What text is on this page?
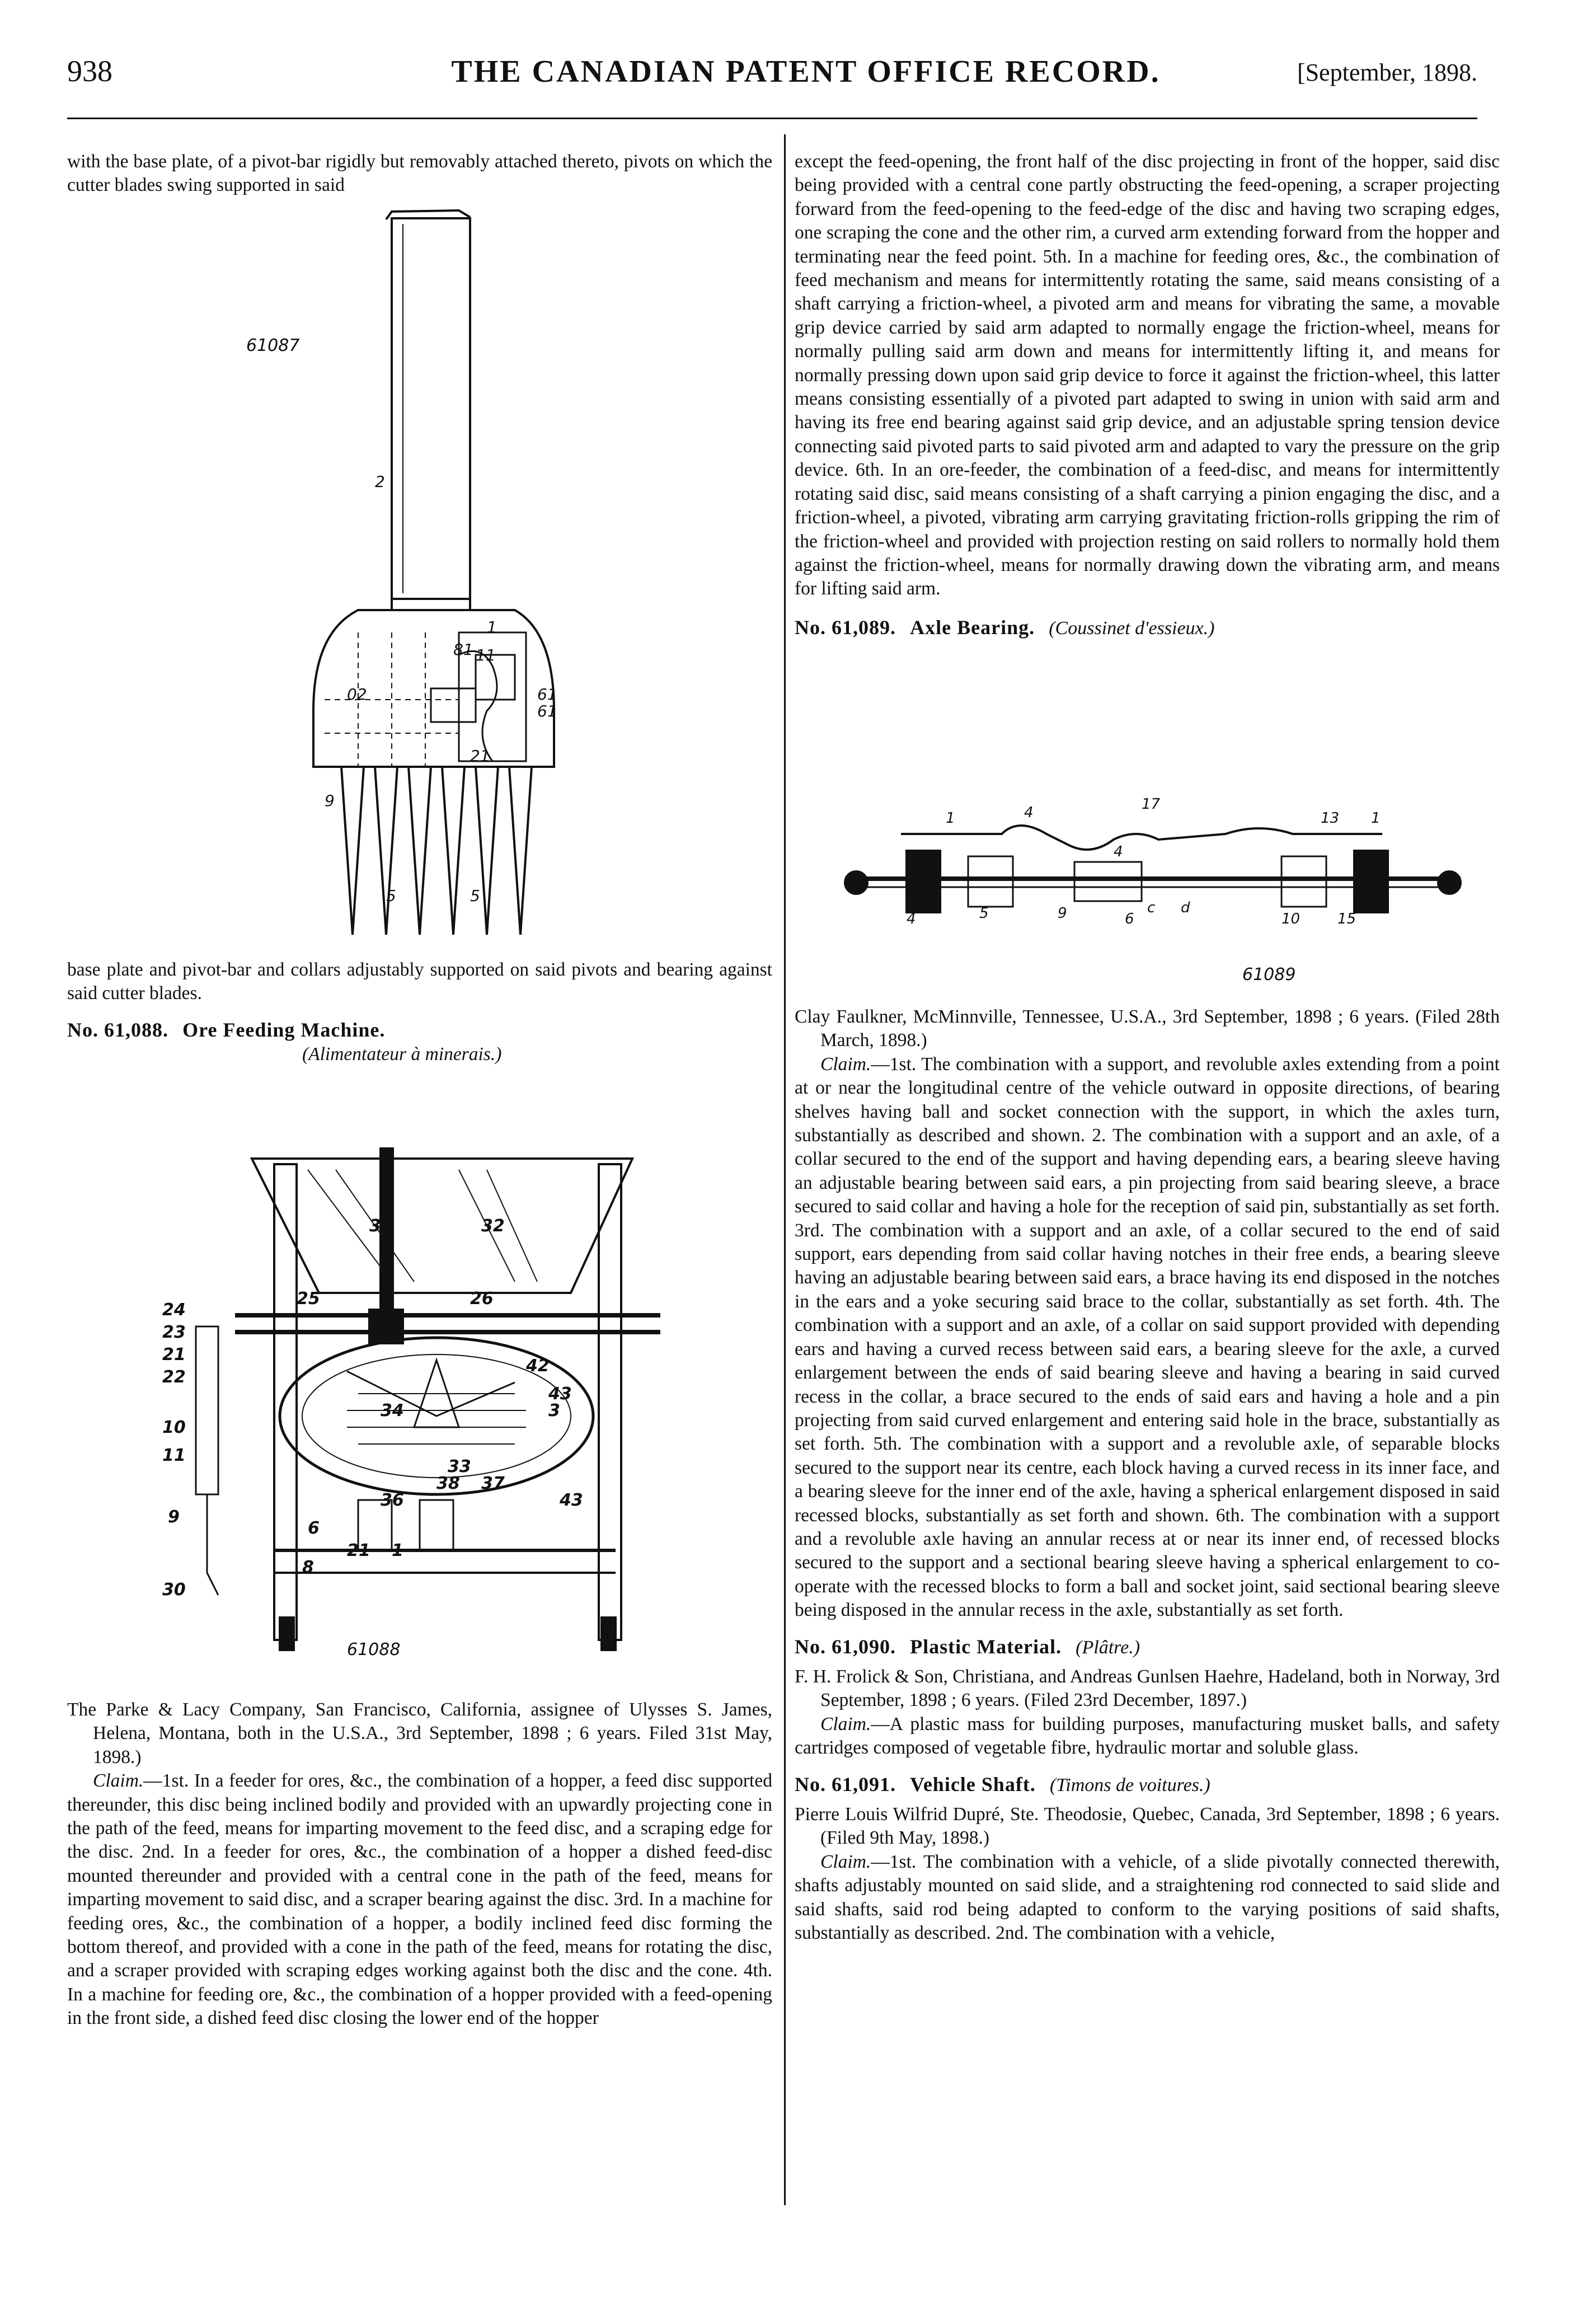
938	THE CANADIAN PATENT OFFICE RECORD.	[September, 1898.

with the base plate, of a pivot-bar rigidly but removably attached thereto, pivots on which the cutter blades swing supported in said

1
81 11
61
61
02
21
9
5	5
2
61087

base plate and pivot-bar and collars adjustably supported on said pivots and bearing against said cutter blades.

No. 61,088. Ore Feeding Machine.

(Alimentateur à minerais.)

37	32
25	26
24
23
21
22
10
11
9
30
42
43
3
34
33
38 37
36	43
6
21 1
8
61088

The Parke & Lacy Company, San Francisco, California, assignee of Ulysses S. James, Helena, Montana, both in the U.S.A., 3rd September, 1898 ; 6 years. Filed 31st May, 1898.)

Claim.—1st. In a feeder for ores, &c., the combination of a hopper, a feed disc supported thereunder, this disc being inclined bodily and provided with an upwardly projecting cone in the path of the feed, means for imparting movement to the feed disc, and a scraping edge for the disc. 2nd. In a feeder for ores, &c., the combination of a hopper a dished feed-disc mounted thereunder and provided with a central cone in the path of the feed, means for imparting movement to said disc, and a scraper bearing against the disc. 3rd. In a machine for feeding ores, &c., the combination of a hopper, a bodily inclined feed disc forming the bottom thereof, and provided with a cone in the path of the feed, means for rotating the disc, and a scraper provided with scraping edges working against both the disc and the cone. 4th. In a machine for feeding ore, &c., the combination of a hopper provided with a feed-opening in the front side, a dished feed disc closing the lower end of the hopper

except the feed-opening, the front half of the disc projecting in front of the hopper, said disc being provided with a central cone partly obstructing the feed-opening, a scraper projecting forward from the feed-opening to the feed-edge of the disc and having two scraping edges, one scraping the cone and the other rim, a curved arm extending forward from the hopper and terminating near the feed point. 5th. In a machine for feeding ores, &c., the combination of feed mechanism and means for intermittently rotating the same, said means consisting of a shaft carrying a friction-wheel, a pivoted arm and means for vibrating the same, a movable grip device carried by said arm adapted to normally engage the friction-wheel, means for normally pulling said arm down and means for intermittently lifting it, and means for normally pressing down upon said grip device to force it against the friction-wheel, this latter means consisting essentially of a pivoted part adapted to swing in union with said arm and having its free end bearing against said grip device, and an adjustable spring tension device connecting said pivoted parts to said pivoted arm and adapted to vary the pressure on the grip device. 6th. In an ore-feeder, the combination of a feed-disc, and means for intermittently rotating said disc, said means consisting of a shaft carrying a pinion engaging the disc, and a friction-wheel, a pivoted, vibrating arm carrying gravitating friction-rolls gripping the rim of the friction-wheel and provided with projection resting on said rollers to normally hold them against the friction-wheel, means for normally drawing down the vibrating arm, and means for lifting said arm.

No. 61,089. Axle Bearing. (Coussinet d'essieux.)

1	4	17
13 1
4
4	5	9	6
c d
10	15
61089

Clay Faulkner, McMinnville, Tennessee, U.S.A., 3rd September, 1898 ; 6 years. (Filed 28th March, 1898.)

Claim.—1st. The combination with a support, and revoluble axles extending from a point at or near the longitudinal centre of the vehicle outward in opposite directions, of bearing shelves having ball and socket connection with the support, in which the axles turn, substantially as described and shown. 2. The combination with a support and an axle, of a collar secured to the end of the support and having depending ears, a bearing sleeve having an adjustable bearing between said ears, a pin projecting from said bearing sleeve, a brace secured to said collar and having a hole for the reception of said pin, substantially as set forth. 3rd. The combination with a support and an axle, of a collar secured to the end of said support, ears depending from said collar having notches in their free ends, a bearing sleeve having an adjustable bearing between said ears, a brace having its end disposed in the notches in the ears and a yoke securing said brace to the collar, substantially as set forth. 4th. The combination with a support and an axle, of a collar on said support provided with depending ears and having a curved recess between said ears, a bearing sleeve for the axle, a curved enlargement between the ends of said bearing sleeve and having a bearing in said curved recess in the collar, a brace secured to the ends of said ears and having a hole and a pin projecting from said curved enlargement and entering said hole in the brace, substantially as set forth. 5th. The combination with a support and a revoluble axle, of separable blocks secured to the support near its centre, each block having a curved recess in its inner face, and a bearing sleeve for the inner end of the axle, having a spherical enlargement disposed in said recessed blocks, substantially as set forth and shown. 6th. The combination with a support and a revoluble axle having an annular recess at or near its inner end, of recessed blocks secured to the support and a sectional bearing sleeve having a spherical enlargement to co-operate with the recessed blocks to form a ball and socket joint, said sectional bearing sleeve being disposed in the annular recess in the axle, substantially as set forth.

No. 61,090. Plastic Material. (Plâtre.)

F. H. Frolick & Son, Christiana, and Andreas Gunlsen Haehre, Hadeland, both in Norway, 3rd September, 1898 ; 6 years. (Filed 23rd December, 1897.)

Claim.—A plastic mass for building purposes, manufacturing musket balls, and safety cartridges composed of vegetable fibre, hydraulic mortar and soluble glass.

No. 61,091. Vehicle Shaft. (Timons de voitures.)

Pierre Louis Wilfrid Dupré, Ste. Theodosie, Quebec, Canada, 3rd September, 1898 ; 6 years. (Filed 9th May, 1898.)

Claim.—1st. The combination with a vehicle, of a slide pivotally connected therewith, shafts adjustably mounted on said slide, and a straightening rod connected to said slide and said shafts, said rod being adapted to conform to the varying positions of said shafts, substantially as described. 2nd. The combination with a vehicle,
